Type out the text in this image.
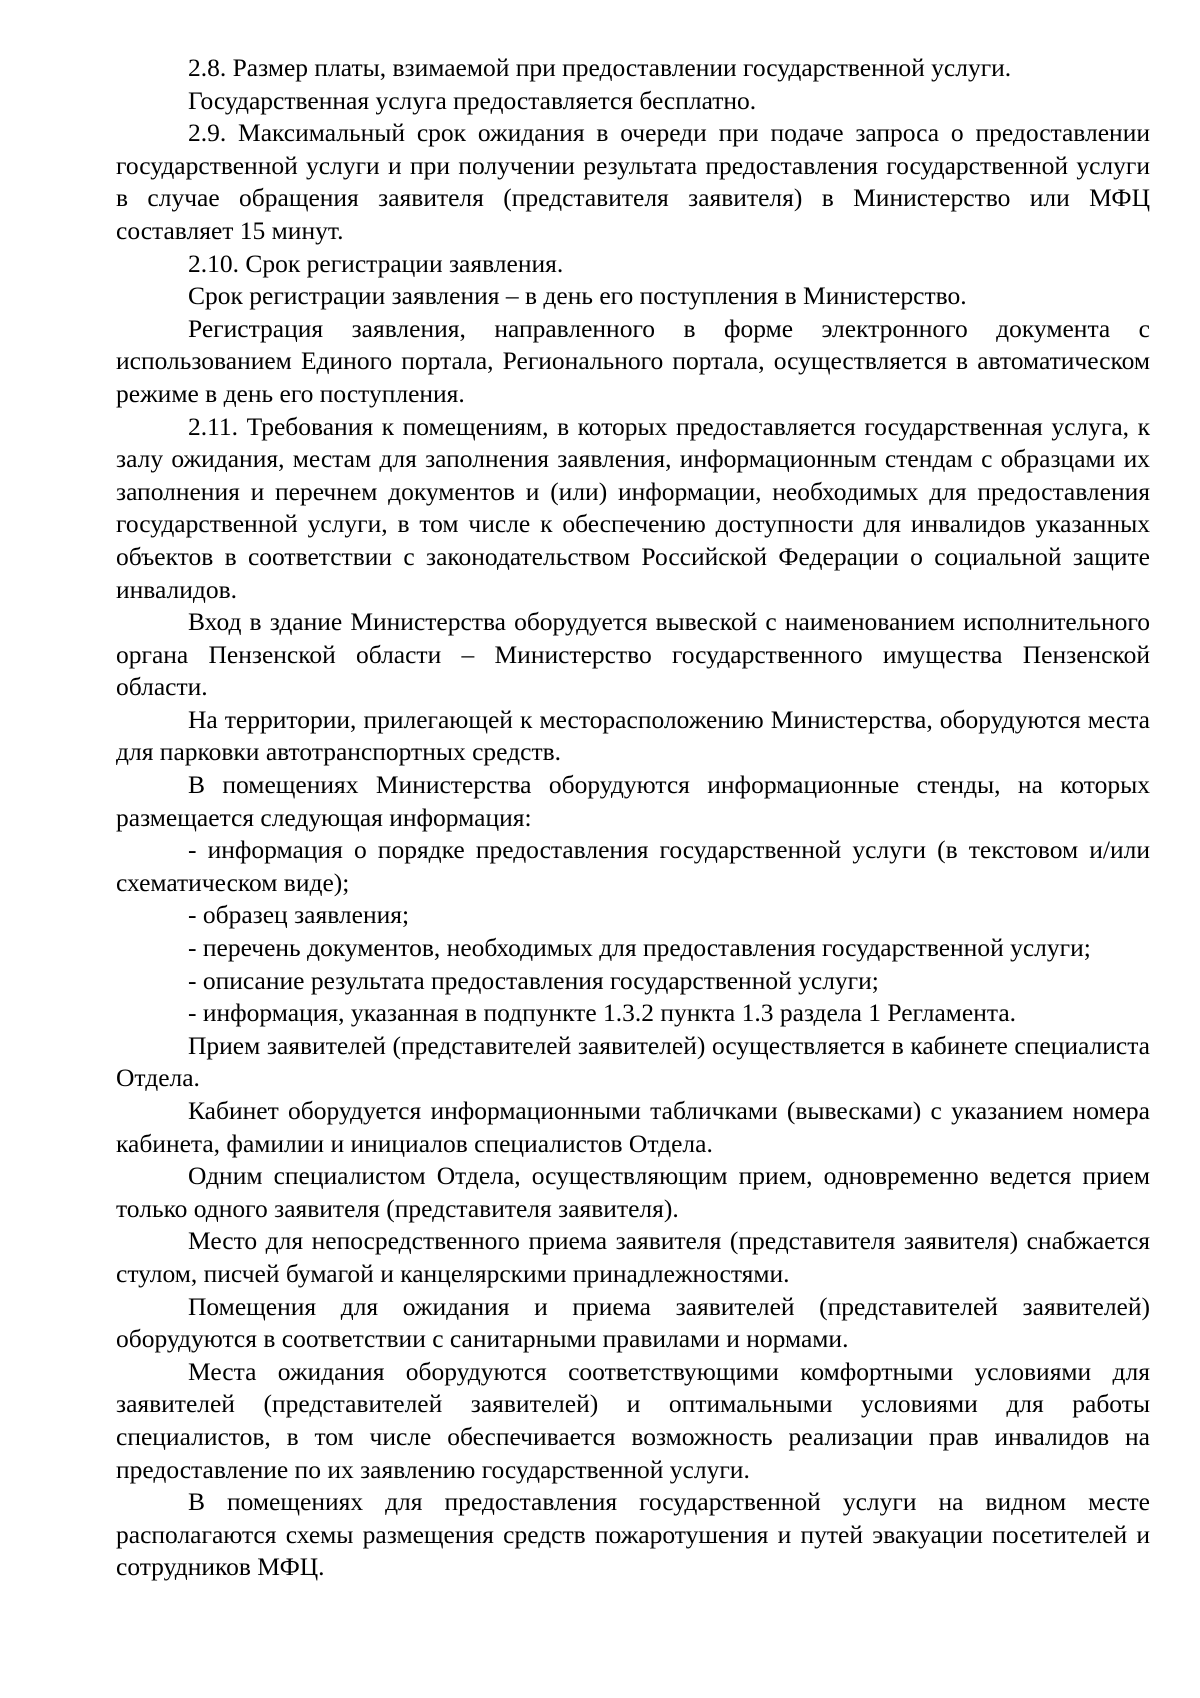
2.8. Размер платы, взимаемой при предоставлении государственной услуги.

Государственная услуга предоставляется бесплатно.

2.9. Максимальный срок ожидания в очереди при подаче запроса о предоставлении государственной услуги и при получении результата предоставления государственной услуги в случае обращения заявителя (представителя заявителя) в Министерство или МФЦ составляет 15 минут.

2.10. Срок регистрации заявления.

Срок регистрации заявления – в день его поступления в Министерство.

Регистрация заявления, направленного в форме электронного документа с использованием Единого портала, Регионального портала, осуществляется в автоматическом режиме в день его поступления.

2.11. Требования к помещениям, в которых предоставляется государственная услуга, к залу ожидания, местам для заполнения заявления, информационным стендам с образцами их заполнения и перечнем документов и (или) информации, необходимых для предоставления государственной услуги, в том числе к обеспечению доступности для инвалидов указанных объектов в соответствии с законодательством Российской Федерации о социальной защите инвалидов.

Вход в здание Министерства оборудуется вывеской с наименованием исполнительного органа Пензенской области – Министерство государственного имущества Пензенской области.

На территории, прилегающей к месторасположению Министерства, оборудуются места для парковки автотранспортных средств.

В помещениях Министерства оборудуются информационные стенды, на которых размещается следующая информация:

- информация о порядке предоставления государственной услуги (в текстовом и/или схематическом виде);

- образец заявления;

- перечень документов, необходимых для предоставления государственной услуги;

- описание результата предоставления государственной услуги;

- информация, указанная в подпункте 1.3.2 пункта 1.3 раздела 1 Регламента.

Прием заявителей (представителей заявителей) осуществляется в кабинете специалиста Отдела.

Кабинет оборудуется информационными табличками (вывесками) с указанием номера кабинета, фамилии и инициалов специалистов Отдела.

Одним специалистом Отдела, осуществляющим прием, одновременно ведется прием только одного заявителя (представителя заявителя).

Место для непосредственного приема заявителя (представителя заявителя) снабжается стулом, писчей бумагой и канцелярскими принадлежностями.

Помещения для ожидания и приема заявителей (представителей заявителей) оборудуются в соответствии с санитарными правилами и нормами.

Места ожидания оборудуются соответствующими комфортными условиями для заявителей (представителей заявителей) и оптимальными условиями для работы специалистов, в том числе обеспечивается возможность реализации прав инвалидов на предоставление по их заявлению государственной услуги.

В помещениях для предоставления государственной услуги на видном месте располагаются схемы размещения средств пожаротушения и путей эвакуации посетителей и сотрудников МФЦ.
